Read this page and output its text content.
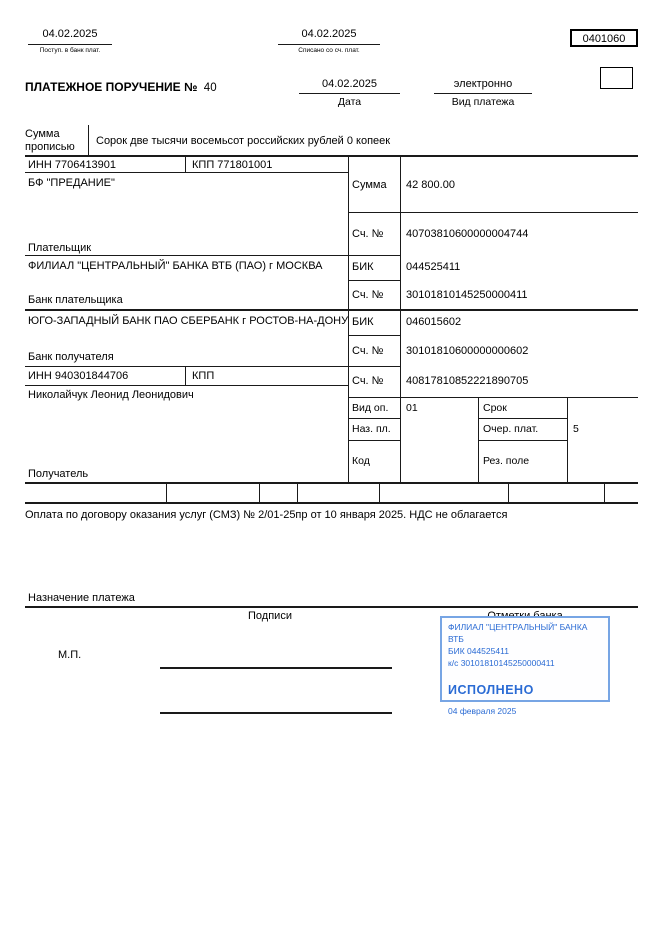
04.02.2025
Поступ. в банк плат.
04.02.2025
Списано со сч. плат.
0401060
ПЛАТЕЖНОЕ ПОРУЧЕНИЕ № 40	04.02.2025
Дата
электронно
Вид платежа
Сумма прописью	Сорок две тысячи восемьсот российских рублей 0 копеек
ИНН 7706413901	КПП 771801001
БФ "ПРЕДАНИЕ"
Плательщик
Сумма 42 800.00
Сч. № 40703810600000004744
ФИЛИАЛ "ЦЕНТРАЛЬНЫЙ" БАНКА ВТБ (ПАО) г МОСКВА
Банк плательщика
БИК	044525411
Сч. № 30101810145250000411
ЮГО-ЗАПАДНЫЙ БАНК ПАО СБЕРБАНК г РОСТОВ-НА-ДОНУ
Банк получателя
БИК	046015602
Сч. № 30101810600000000602
ИНН 940301844706	КПП
Николайчук Леонид Леонидович
Получатель
Сч. № 40817810852221890705
Вид оп. 01	Срок
Наз. пл.	Очер. плат.	5
Код	Рез. поле
Оплата по договору оказания услуг (СМЗ) № 2/01-25пр от 10 января 2025. НДС не облагается
Назначение платежа
Подписи
М.П.
ФИЛИАЛ "ЦЕНТРАЛЬНЫЙ" БАНКА ВТБ
БИК 044525411
к/с 30101810145250000411
ИСПОЛНЕНО
04 февраля 2025
